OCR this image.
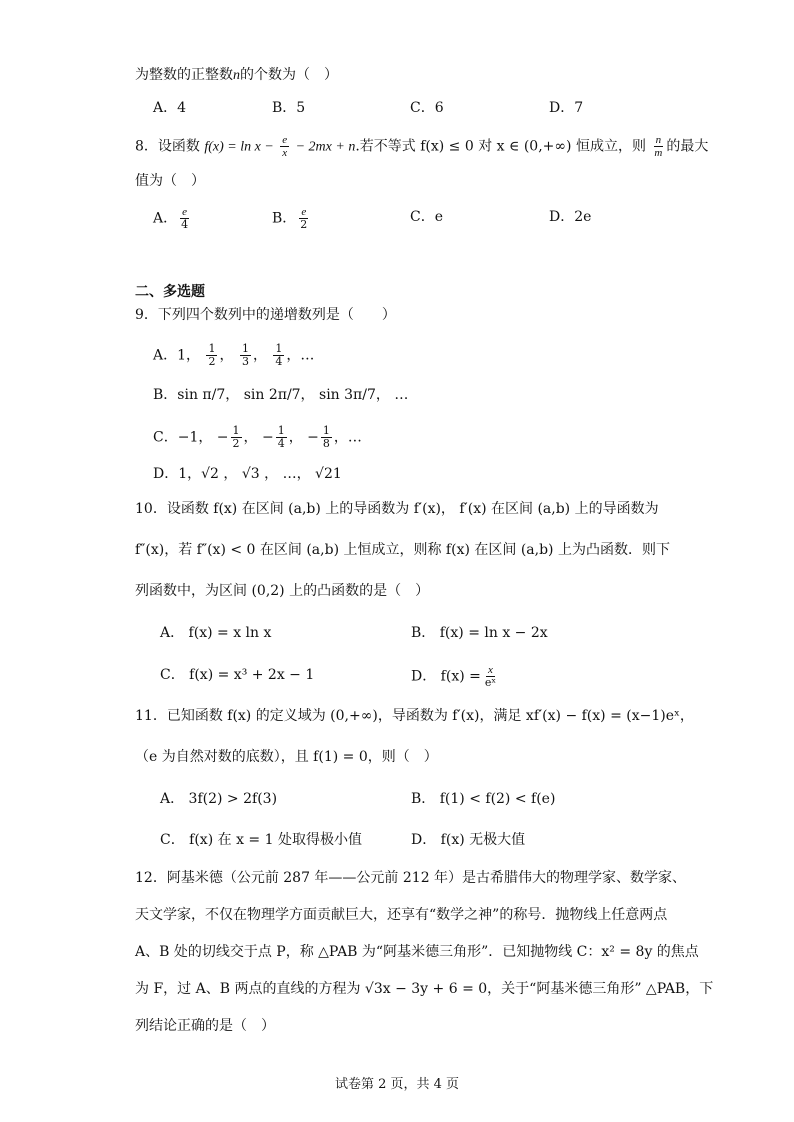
为整数的正整数n的个数为（　）
A．4	B．5	C．6	D．7
8．设函数 $f(x) = \ln x - \frac{e}{x} - 2mx + n$.若不等式 f(x) ≤ 0 对 x ∈ (0,+∞) 恒成立，则 $\frac{n}{m}$ 的最大
值为（　）
A． $\frac{e}{4}$	B． $\frac{e}{2}$	C．e	D．2e
二、多选题
9．下列四个数列中的递增数列是（　　）
A．1， $\frac{1}{2}$ ， $\frac{1}{3}$ ， $\frac{1}{4}$ ，…
B．sin π/7， sin 2π/7， sin 3π/7， …
C．−1， − $\frac{1}{2}$ ， − $\frac{1}{4}$ ， − $\frac{1}{8}$ ，…
D．1，√2 ， √3 ， …， √21
10．设函数 f(x) 在区间 (a,b) 上的导函数为 f′(x)， f′(x) 在区间 (a,b) 上的导函数为
f″(x)，若 f″(x) < 0 在区间 (a,b) 上恒成立，则称 f(x) 在区间 (a,b) 上为凸函数．则下
列函数中，为区间 (0,2) 上的凸函数的是（　）
A． f(x) = x ln x	B． f(x) = ln x − 2x
C． f(x) = x³ + 2x − 1	D． $f(x) = \frac{x}{\text{eˣ}}$
11．已知函数 f(x) 的定义域为 (0,+∞)，导函数为 f′(x)，满足 xf′(x) − f(x) = (x−1)eˣ，
（e 为自然对数的底数），且 f(1) = 0，则（　）
A． 3f(2) > 2f(3)	B． f(1) < f(2) < f(e)
C． f(x) 在 x = 1 处取得极小值	D． f(x) 无极大值
12．阿基米德（公元前 287 年——公元前 212 年）是古希腊伟大的物理学家、数学家、
天文学家，不仅在物理学方面贡献巨大，还享有“数学之神”的称号．抛物线上任意两点
A、B 处的切线交于点 P，称 △PAB 为“阿基米德三角形”．已知抛物线 C：x² = 8y 的焦点
为 F，过 A、B 两点的直线的方程为 √3x − 3y + 6 = 0，关于“阿基米德三角形” △PAB，下
列结论正确的是（　）
试卷第 2 页，共 4 页
